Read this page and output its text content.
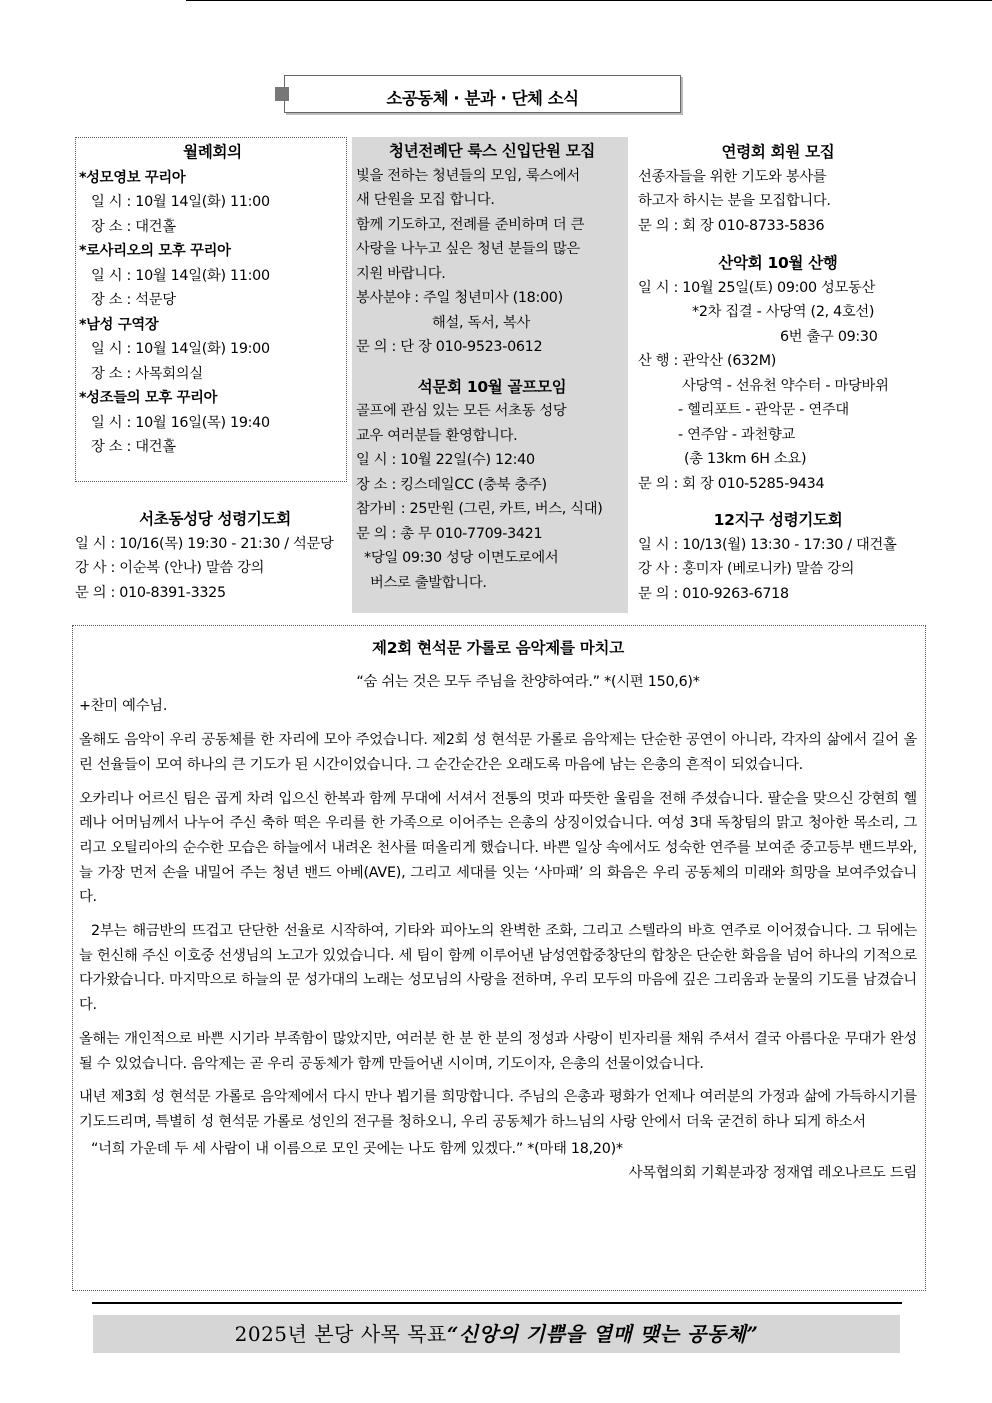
소공동체 · 분과 · 단체 소식
월례회의
*성모영보 꾸리아
일 시 : 10월 14일(화) 11:00
장 소 : 대건홀
*로사리오의 모후 꾸리아
일 시 : 10월 14일(화) 11:00
장 소 : 석문당
*남성 구역장
일 시 : 10월 14일(화) 19:00
장 소 : 사목회의실
*성조들의 모후 꾸리아
일 시 : 10월 16일(목) 19:40
장 소 : 대건홀
서초동성당 성령기도회
일 시 : 10/16(목) 19:30 - 21:30 / 석문당
강 사 : 이순복 (안나) 말씀 강의
문 의 : 010-8391-3325
청년전례단 룩스 신입단원 모집
빛을 전하는 청년들의 모임, 룩스에서
새 단원을 모집 합니다.
함께 기도하고, 전례를 준비하며 더 큰
사랑을 나누고 싶은 청년 분들의 많은
지원 바랍니다.
봉사분야 : 주일 청년미사 (18:00)
해설, 독서, 복사
문 의 : 단 장 010-9523-0612
석문회 10월 골프모임
골프에 관심 있는 모든 서초동 성당
교우 여러분들 환영합니다.
일 시 : 10월 22일(수) 12:40
장 소 : 킹스데일CC (충북 충주)
참가비 : 25만원 (그린, 카트, 버스, 식대)
문 의 : 총 무 010-7709-3421
*당일 09:30 성당 이면도로에서
버스로 출발합니다.
연령회 회원 모집
선종자들을 위한 기도와 봉사를
하고자 하시는 분을 모집합니다.
문 의 : 회 장 010-8733-5836
산악회 10월 산행
일 시 : 10월 25일(토) 09:00 성모동산
*2차 집결 - 사당역 (2, 4호선)
6번 출구 09:30
산 행 : 관악산 (632M)
사당역 - 선유천 약수터 - 마당바위
- 헬리포트 - 관악문 - 연주대
- 연주암 - 과천향교
(총 13km 6H 소요)
문 의 : 회 장 010-5285-9434
12지구 성령기도회
일 시 : 10/13(월) 13:30 - 17:30 / 대건홀
강 사 : 홍미자 (베로니카) 말씀 강의
문 의 : 010-9263-6718
제2회 현석문 가롤로 음악제를 마치고
“숨 쉬는 것은 모두 주님을 찬양하여라.” *(시편 150,6)*
+찬미 예수님.

올해도 음악이 우리 공동체를 한 자리에 모아 주었습니다. 제2회 성 현석문 가롤로 음악제는 단순한 공연이 아니라, 각자의 삶에서 길어 올린 선율들이 모여 하나의 큰 기도가 된 시간이었습니다. 그 순간순간은 오래도록 마음에 남는 은총의 흔적이 되었습니다.

오카리나 어르신 팀은 곱게 차려 입으신 한복과 함께 무대에 서셔서 전통의 멋과 따뜻한 울림을 전해 주셨습니다. 팔순을 맞으신 강현희 헬레나 어머님께서 나누어 주신 축하 떡은 우리를 한 가족으로 이어주는 은총의 상징이었습니다. 여성 3대 독창팀의 맑고 청아한 목소리, 그리고 오틸리아의 순수한 모습은 하늘에서 내려온 천사를 떠올리게 했습니다. 바쁜 일상 속에서도 성숙한 연주를 보여준 중고등부 밴드부와, 늘 가장 먼저 손을 내밀어 주는 청년 밴드 아베(AVE), 그리고 세대를 잇는 ‘사마패’ 의 화음은 우리 공동체의 미래와 희망을 보여주었습니다.

2부는 해금반의 뜨겁고 단단한 선율로 시작하여, 기타와 피아노의 완벽한 조화, 그리고 스텔라의 바흐 연주로 이어졌습니다. 그 뒤에는 늘 헌신해 주신 이호중 선생님의 노고가 있었습니다. 세 팀이 함께 이루어낸 남성연합중창단의 합창은 단순한 화음을 넘어 하나의 기적으로 다가왔습니다. 마지막으로 하늘의 문 성가대의 노래는 성모님의 사랑을 전하며, 우리 모두의 마음에 깊은 그리움과 눈물의 기도를 남겼습니다.

올해는 개인적으로 바쁜 시기라 부족함이 많았지만, 여러분 한 분 한 분의 정성과 사랑이 빈자리를 채워 주셔서 결국 아름다운 무대가 완성될 수 있었습니다. 음악제는 곧 우리 공동체가 함께 만들어낸 시이며, 기도이자, 은총의 선물이었습니다.

내년 제3회 성 현석문 가롤로 음악제에서 다시 만나 뵙기를 희망합니다. 주님의 은총과 평화가 언제나 여러분의 가정과 삶에 가득하시기를 기도드리며, 특별히 성 현석문 가롤로 성인의 전구를 청하오니, 우리 공동체가 하느님의 사랑 안에서 더욱 굳건히 하나 되게 하소서

“너희 가운데 두 세 사람이 내 이름으로 모인 곳에는 나도 함께 있겠다.” *(마태 18,20)*
사목협의회 기획분과장 정재엽 레오나르도 드림
2025년 본당 사목 목표“신앙의 기쁨을 열매 맺는 공동체”
